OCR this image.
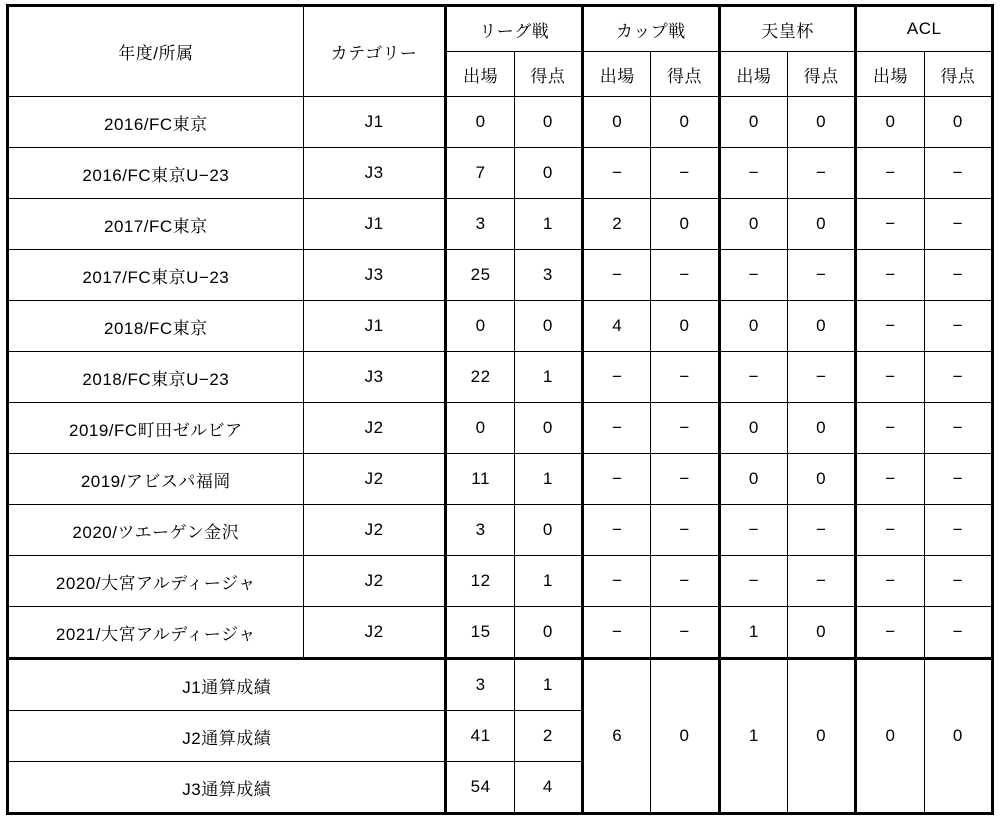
年度/所属	カテゴリー	リーグ戦		カップ戦		天皇杯		ACL	
		出場	得点	出場	得点	出場	得点	出場	得点
2016/FC東京	J1	0	0	0	0	0	0	0	0
2016/FC東京U−23	J3	7	0	−	−	−	−	−	−
2017/FC東京	J1	3	1	2	0	0	0	−	−
2017/FC東京U−23	J3	25	3	−	−	−	−	−	−
2018/FC東京	J1	0	0	4	0	0	0	−	−
2018/FC東京U−23	J3	22	1	−	−	−	−	−	−
2019/FC町田ゼルビア	J2	0	0	−	−	0	0	−	−
2019/アビスパ福岡	J2	11	1	−	−	0	0	−	−
2020/ツエーゲン金沢	J2	3	0	−	−	−	−	−	−
2020/大宮アルディージャ	J2	12	1	−	−	−	−	−	−
2021/大宮アルディージャ	J2	15	0	−	−	1	0	−	−
J1通算成績		3	1	6	0	1	0	0	0
J2通算成績		41	2						
J3通算成績		54	4						
